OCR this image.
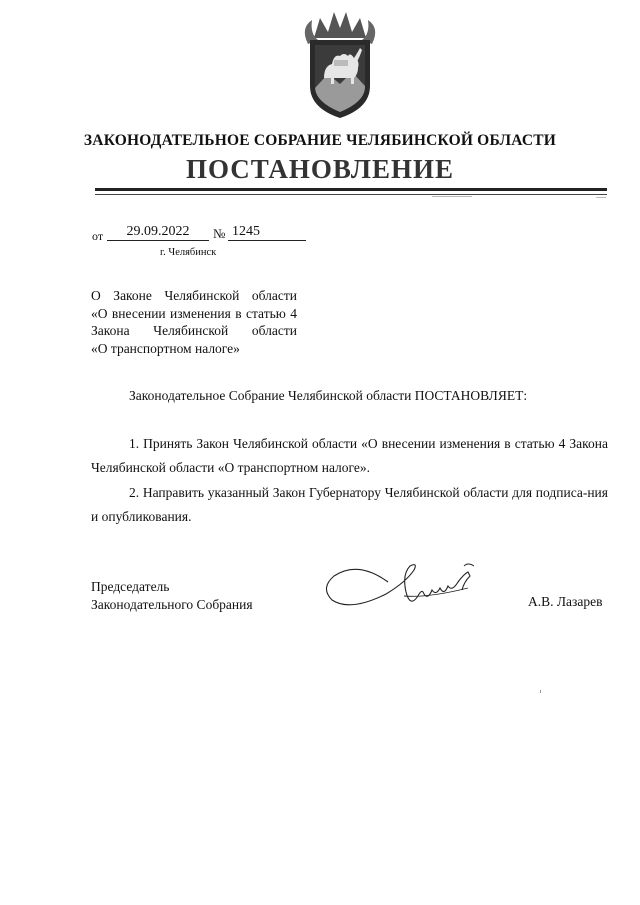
ЗАКОНОДАТЕЛЬНОЕ СОБРАНИЕ ЧЕЛЯБИНСКОЙ ОБЛАСТИ
ПОСТАНОВЛЕНИЕ
от	29.09.2022	№ 1245
г. Челябинск
О Законе Челябинской области
«О внесении изменения в статью 4
Закона Челябинской области
«О транспортном налоге»
Законодательное Собрание Челябинской области ПОСТАНОВЛЯЕТ:
1. Принять Закон Челябинской области «О внесении изменения в статью 4 Закона Челябинской области «О транспортном налоге».
2. Направить указанный Закон Губернатору Челябинской области для подписа-ния и опубликования.
Председатель
Законодательного Собрания	А.В. Лазарев
